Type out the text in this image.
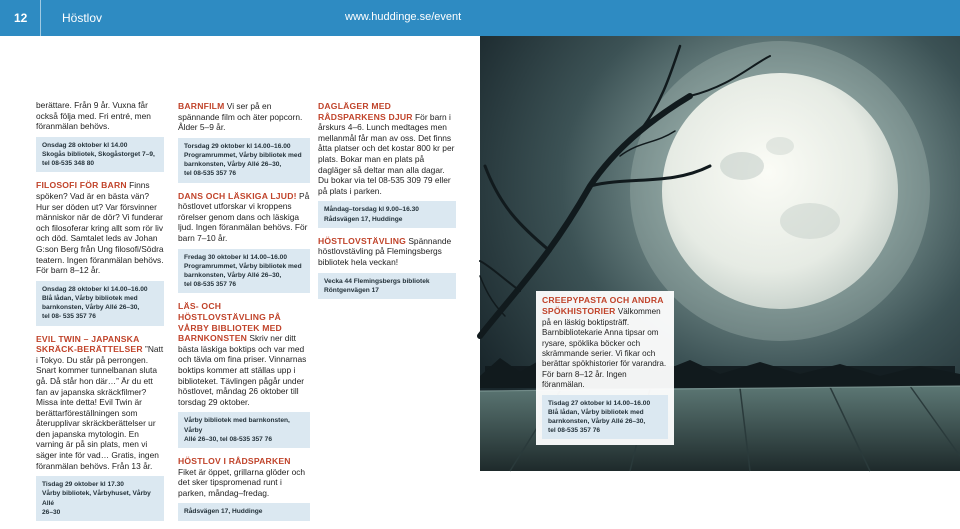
12	Höstlov	www.huddinge.se/event

berättare. Från 9 år. Vuxna får också följa med. Fri entré, men föranmälan behövs.

Onsdag 28 oktober kl 14.00
Skogås bibliotek, Skogåstorget 7–9,
tel 08-535 348 80

FILOSOFI FÖR BARN Finns spöken? Vad är en bästa vän? Hur ser döden ut? Var försvinner människor när de dör? Vi funderar och filosoferar kring allt som rör liv och död. Samtalet leds av Johan G:son Berg från Ung filosofi/Södra teatern. Ingen föranmälan behövs. För barn 8–12 år.

Onsdag 28 oktober kl 14.00–16.00
Blå lådan, Vårby bibliotek med
barnkonsten, Vårby Allé 26–30,
tel 08- 535 357 76

EVIL TWIN – JAPANSKA SKRÄCK-BERÄTTELSER ”Natt i Tokyo. Du står på perrongen. Snart kommer tunnelbanan sluta gå. Då står hon där…” Är du ett fan av japanska skräckfilmer? Missa inte detta! Evil Twin är berättarföreställningen som återupplivar skräckberättelser ur den japanska mytologin. En varning är på sin plats, men vi säger inte för vad… Gratis, ingen föranmälan behövs. Från 13 år.

Tisdag 29 oktober kl 17.30
Vårby bibliotek, Vårbyhuset, Vårby Allé
26–30

BARNFILM Vi ser på en spännande film och äter popcorn. Ålder 5–9 år.

Torsdag 29 oktober kl 14.00–16.00
Programrummet, Vårby bibliotek med
barnkonsten, Vårby Allé 26–30,
tel 08-535 357 76

DANS OCH LÄSKIGA LJUD! På höstlovet utforskar vi kroppens rörelser genom dans och läskiga ljud. Ingen föranmälan behövs. För barn 7–10 år.

Fredag 30 oktober kl 14.00–16.00
Programrummet, Vårby bibliotek med
barnkonsten, Vårby Allé 26–30,
tel 08-535 357 76

LÄS- OCH HÖSTLOVSTÄVLING PÅ VÅRBY BIBLIOTEK MED BARNKONSTEN Skriv ner ditt bästa läskiga boktips och var med och tävla om fina priser. Vinnarnas boktips kommer att ställas upp i biblioteket. Tävlingen pågår under höstlovet, måndag 26 oktober till torsdag 29 oktober.

Vårby bibliotek med barnkonsten, Vårby
Allé 26–30, tel 08-535 357 76

HÖSTLOV I RÅDSPARKEN Fiket är öppet, grillarna glöder och det sker tipspromenad runt i parken, måndag–fredag.

Rådsvägen 17, Huddinge

DAGLÄGER MED RÅDSPARKENS DJUR För barn i årskurs 4–6. Lunch medtages men mellanmål får man av oss. Det finns åtta platser och det kostar 800 kr per plats. Bokar man en plats på dagläger så deltar man alla dagar. Du bokar via tel 08-535 309 79 eller på plats i parken.

Måndag–torsdag kl 9.00–16.30
Rådsvägen 17, Huddinge

HÖSTLOVSTÄVLING Spännande höstlovstävling på Flemingsbergs bibliotek hela veckan!

Vecka 44 Flemingsbergs bibliotek
Röntgenvägen 17
CREEPYPASTA OCH ANDRA SPÖKHISTORIER Välkommen på en läskig boktipsträff. Barnbibliotekarie Anna tipsar om rysare, spöklika böcker och skrämmande serier. Vi fikar och berättar spökhistorier för varandra. För barn 8–12 år. Ingen föranmälan.
Tisdag 27 oktober kl 14.00–16.00
Blå lådan, Vårby bibliotek med
barnkonsten, Vårby Allé 26–30,
tel 08-535 357 76
